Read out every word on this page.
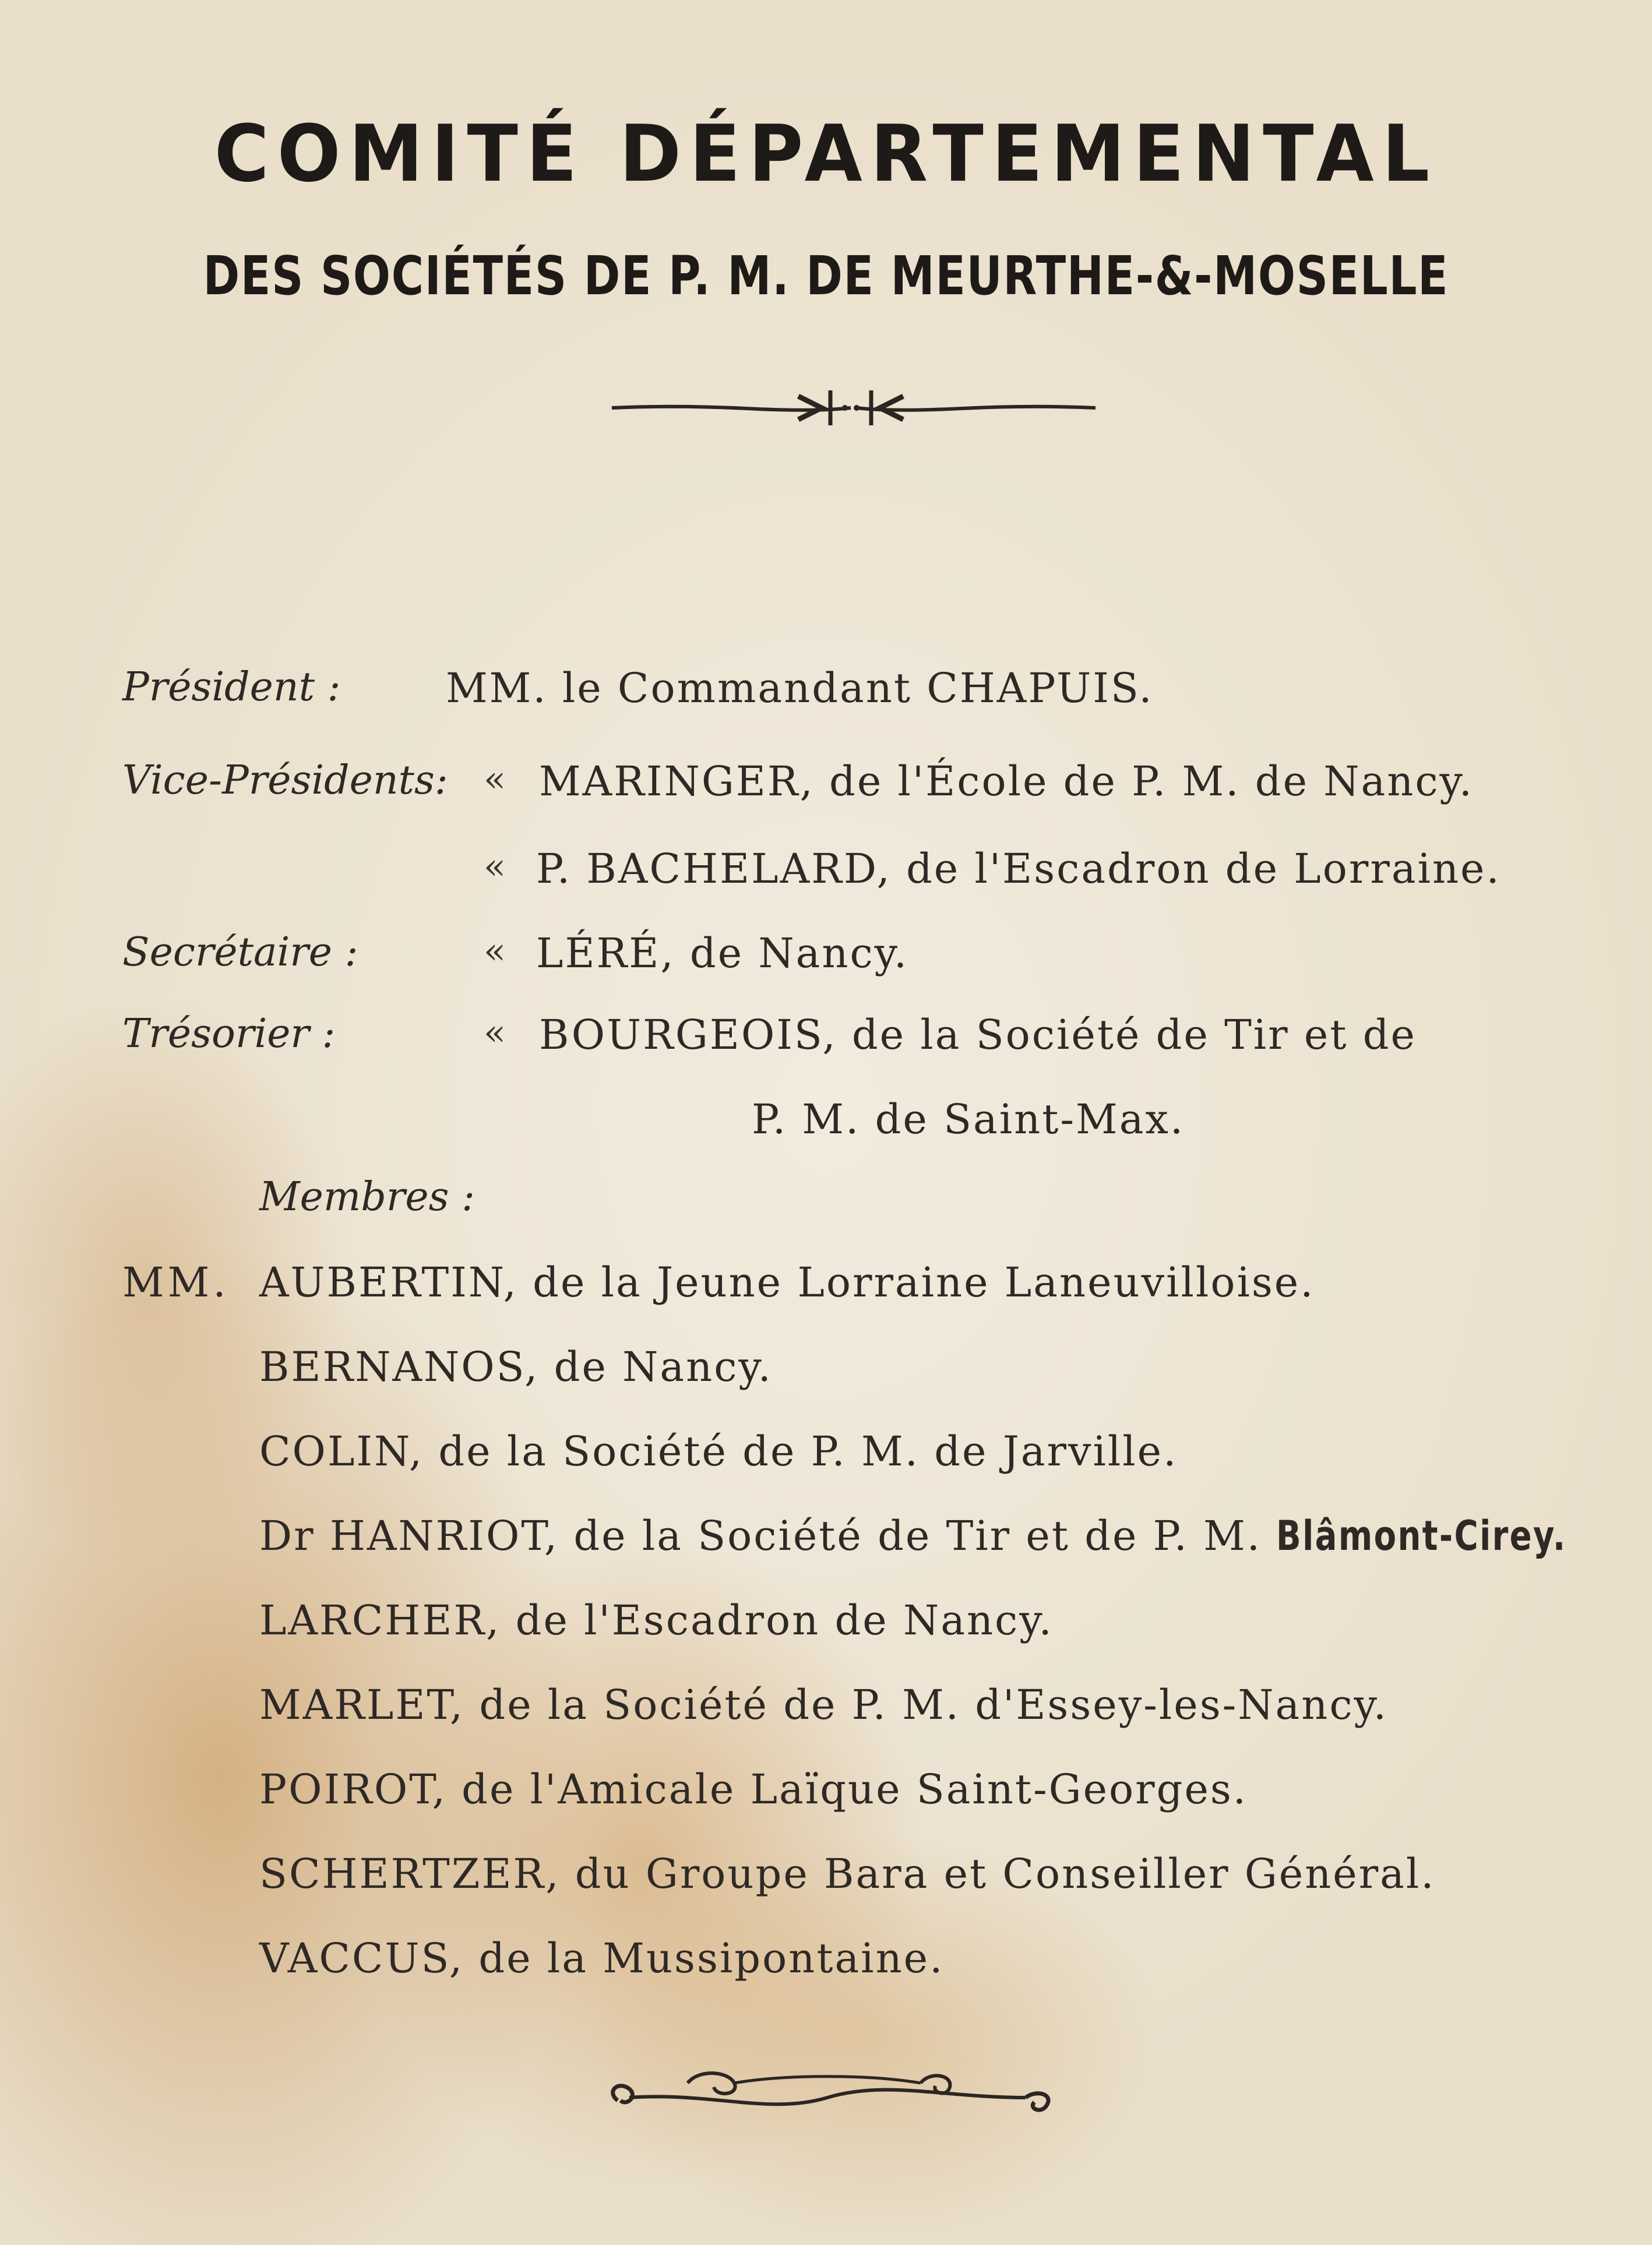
COMITÉ DÉPARTEMENTAL
DES SOCIÉTÉS DE P. M. DE MEURTHE-&-MOSELLE
Président :	MM. le Commandant CHAPUIS.
Vice-Présidents: « MARINGER, de l'École de P. M. de Nancy.
« P. BACHELARD, de l'Escadron de Lorraine.
Secrétaire :	« LÉRÉ, de Nancy.
Trésorier :	« BOURGEOIS, de la Société de Tir et de
P. M. de Saint-Max.
Membres :
MM. AUBERTIN, de la Jeune Lorraine Laneuvilloise.
BERNANOS, de Nancy.
COLIN, de la Société de P. M. de Jarville.
Dr HANRIOT, de la Société de Tir et de P. M. Blâmont-Cirey.
LARCHER, de l'Escadron de Nancy.
MARLET, de la Société de P. M. d'Essey-les-Nancy.
POIROT, de l'Amicale Laïque Saint-Georges.
SCHERTZER, du Groupe Bara et Conseiller Général.
VACCUS, de la Mussipontaine.
